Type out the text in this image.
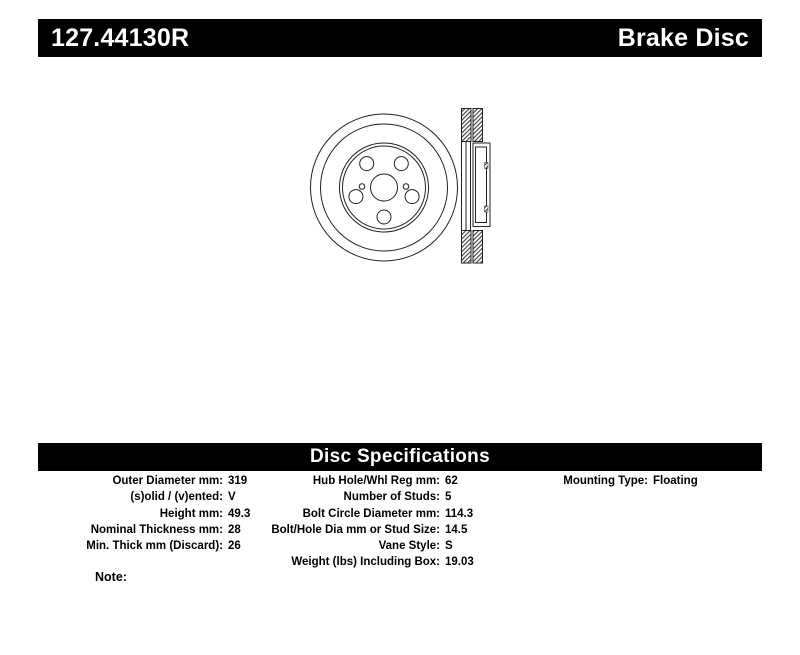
127.44130R	Brake Disc
Disc Specifications
Outer Diameter mm: 319
(s)olid / (v)ented: V
Height mm: 49.3
Nominal Thickness mm: 28
Min. Thick mm (Discard): 26
Hub Hole/Whl Reg mm: 62
Number of Studs: 5
Bolt Circle Diameter mm: 114.3
Bolt/Hole Dia mm or Stud Size: 14.5
Vane Style: S
Weight (lbs) Including Box: 19.03
Mounting Type: Floating
Note:
